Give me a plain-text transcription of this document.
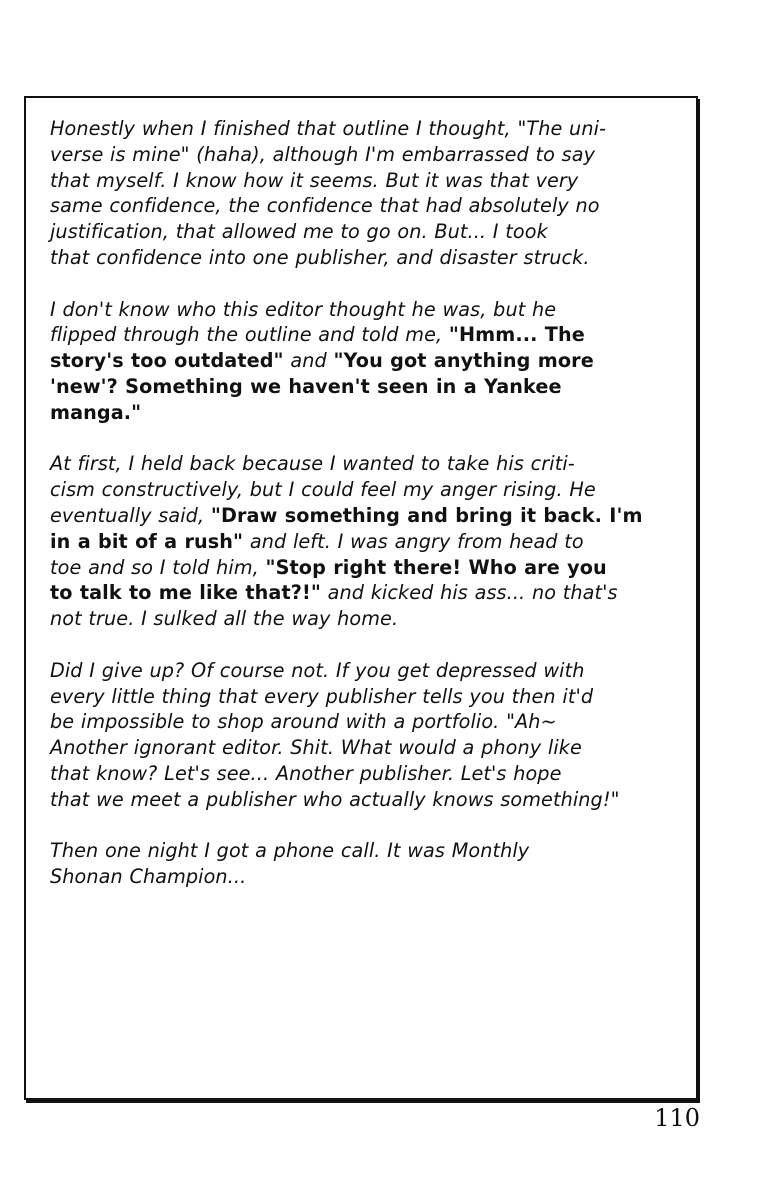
Honestly when I finished that outline I thought, "The uni-
verse is mine" (haha), although I'm embarrassed to say
that myself. I know how it seems. But it was that very
same confidence, the confidence that had absolutely no
justification, that allowed me to go on. But... I took
that confidence into one publisher, and disaster struck.

I don't know who this editor thought he was, but he
flipped through the outline and told me, "Hmm... The
story's too outdated" and "You got anything more
'new'? Something we haven't seen in a Yankee
manga."

At first, I held back because I wanted to take his criti-
cism constructively, but I could feel my anger rising. He
eventually said, "Draw something and bring it back. I'm
in a bit of a rush" and left. I was angry from head to
toe and so I told him, "Stop right there! Who are you
to talk to me like that?!" and kicked his ass... no that's
not true. I sulked all the way home.

Did I give up? Of course not. If you get depressed with
every little thing that every publisher tells you then it'd
be impossible to shop around with a portfolio. "Ah~
Another ignorant editor. Shit. What would a phony like
that know? Let's see... Another publisher. Let's hope
that we meet a publisher who actually knows something!"

Then one night I got a phone call. It was Monthly
Shonan Champion...

110
